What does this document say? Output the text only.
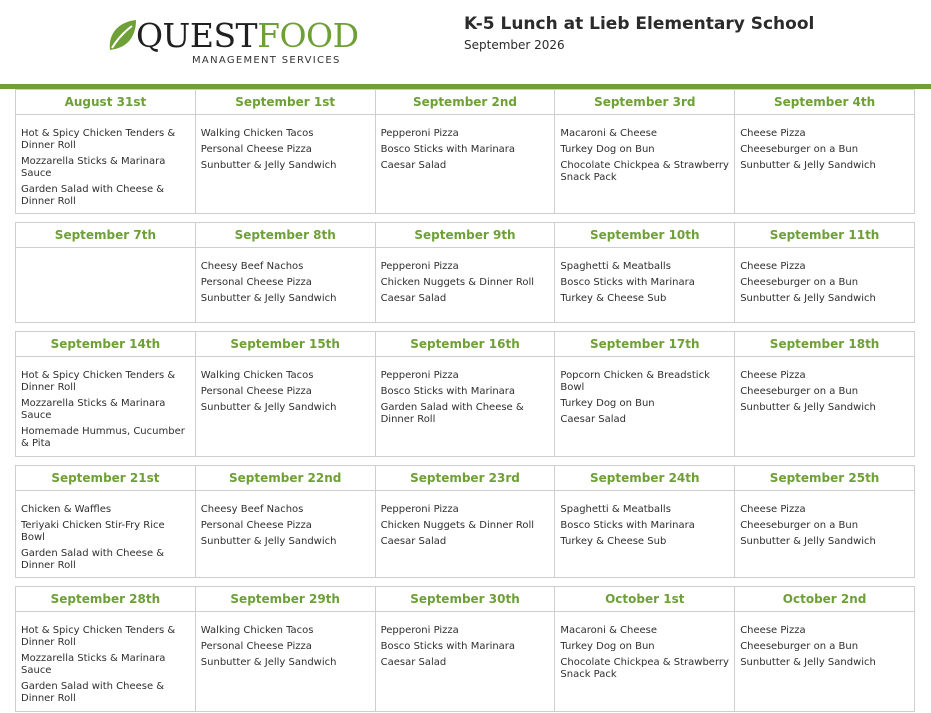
QUESTFOOD
MANAGEMENT SERVICES
K-5 Lunch at Lieb Elementary School
September 2026
August 31st
Hot & Spicy Chicken Tenders & Dinner Roll
Mozzarella Sticks & Marinara Sauce
Garden Salad with Cheese & Dinner Roll
September 1st
Walking Chicken Tacos
Personal Cheese Pizza
Sunbutter & Jelly Sandwich
September 2nd
Pepperoni Pizza
Bosco Sticks with Marinara
Caesar Salad
September 3rd
Macaroni & Cheese
Turkey Dog on Bun
Chocolate Chickpea & Strawberry Snack Pack
September 4th
Cheese Pizza
Cheeseburger on a Bun
Sunbutter & Jelly Sandwich
September 7th	September 8th
Cheesy Beef Nachos
Personal Cheese Pizza
Sunbutter & Jelly Sandwich
September 9th
Pepperoni Pizza
Chicken Nuggets & Dinner Roll
Caesar Salad
September 10th
Spaghetti & Meatballs
Bosco Sticks with Marinara
Turkey & Cheese Sub
September 11th
Cheese Pizza
Cheeseburger on a Bun
Sunbutter & Jelly Sandwich
September 14th
Hot & Spicy Chicken Tenders & Dinner Roll
Mozzarella Sticks & Marinara Sauce
Homemade Hummus, Cucumber & Pita
September 15th
Walking Chicken Tacos
Personal Cheese Pizza
Sunbutter & Jelly Sandwich
September 16th
Pepperoni Pizza
Bosco Sticks with Marinara
Garden Salad with Cheese & Dinner Roll
September 17th
Popcorn Chicken & Breadstick Bowl
Turkey Dog on Bun
Caesar Salad
September 18th
Cheese Pizza
Cheeseburger on a Bun
Sunbutter & Jelly Sandwich
September 21st
Chicken & Waffles
Teriyaki Chicken Stir-Fry Rice Bowl
Garden Salad with Cheese & Dinner Roll
September 22nd
Cheesy Beef Nachos
Personal Cheese Pizza
Sunbutter & Jelly Sandwich
September 23rd
Pepperoni Pizza
Chicken Nuggets & Dinner Roll
Caesar Salad
September 24th
Spaghetti & Meatballs
Bosco Sticks with Marinara
Turkey & Cheese Sub
September 25th
Cheese Pizza
Cheeseburger on a Bun
Sunbutter & Jelly Sandwich
September 28th
Hot & Spicy Chicken Tenders & Dinner Roll
Mozzarella Sticks & Marinara Sauce
Garden Salad with Cheese & Dinner Roll
September 29th
Walking Chicken Tacos
Personal Cheese Pizza
Sunbutter & Jelly Sandwich
September 30th
Pepperoni Pizza
Bosco Sticks with Marinara
Caesar Salad
October 1st
Macaroni & Cheese
Turkey Dog on Bun
Chocolate Chickpea & Strawberry Snack Pack
October 2nd
Cheese Pizza
Cheeseburger on a Bun
Sunbutter & Jelly Sandwich
